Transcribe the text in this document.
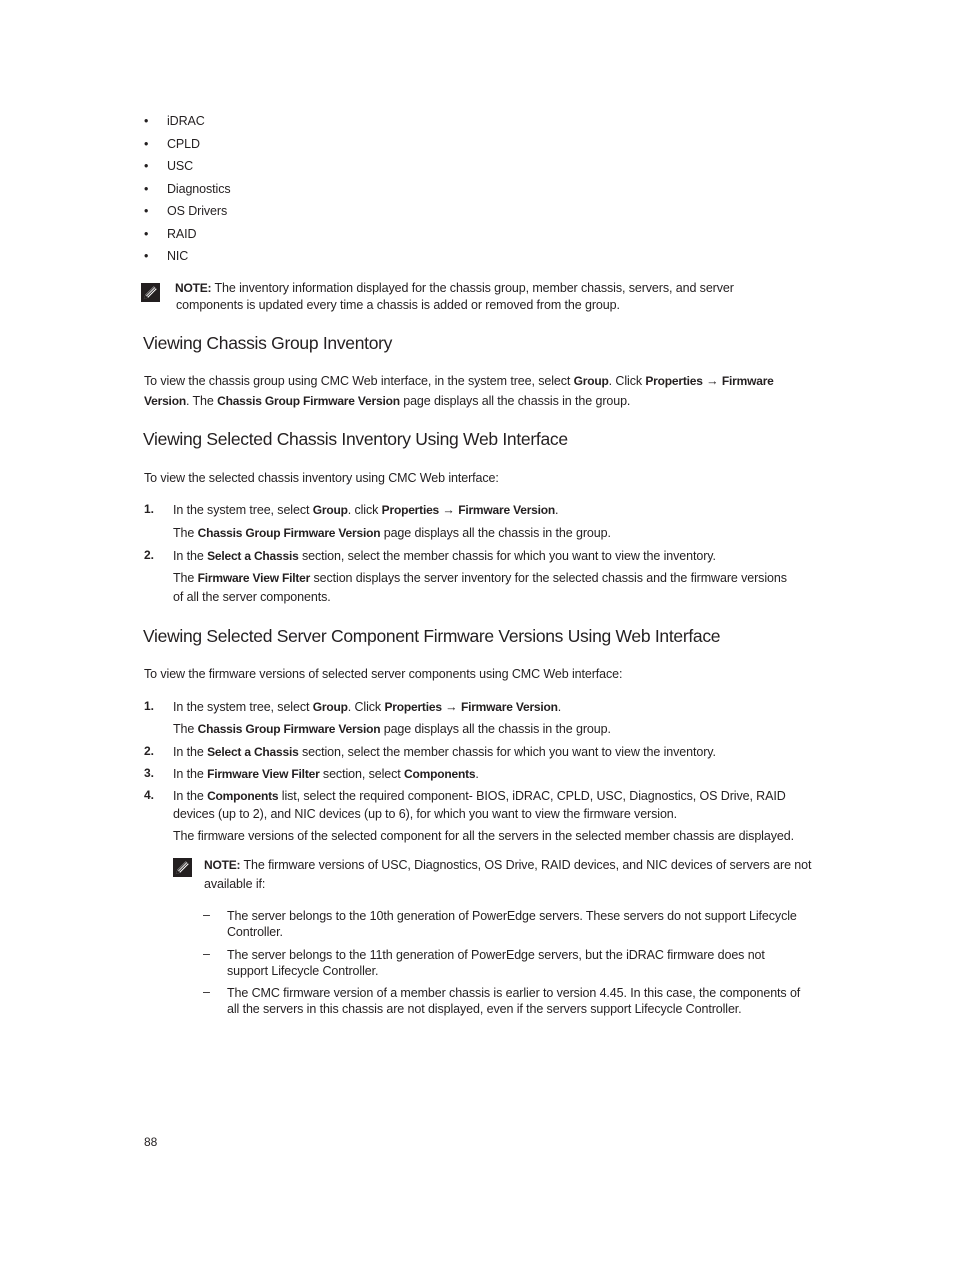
• iDRAC
• CPLD
• USC
• Diagnostics
• OS Drivers
• RAID
• NIC
NOTE: The inventory information displayed for the chassis group, member chassis, servers, and server
components is updated every time a chassis is added or removed from the group.
Viewing Chassis Group Inventory
To view the chassis group using CMC Web interface, in the system tree, select Group. Click Properties → Firmware
Version. The Chassis Group Firmware Version page displays all the chassis in the group.
Viewing Selected Chassis Inventory Using Web Interface
To view the selected chassis inventory using CMC Web interface:
1. In the system tree, select Group. click Properties → Firmware Version.
The Chassis Group Firmware Version page displays all the chassis in the group.
2. In the Select a Chassis section, select the member chassis for which you want to view the inventory.
The Firmware View Filter section displays the server inventory for the selected chassis and the firmware versions
of all the server components.
Viewing Selected Server Component Firmware Versions Using Web Interface
To view the firmware versions of selected server components using CMC Web interface:
1. In the system tree, select Group. Click Properties → Firmware Version.
The Chassis Group Firmware Version page displays all the chassis in the group.
2. In the Select a Chassis section, select the member chassis for which you want to view the inventory.
3. In the Firmware View Filter section, select Components.
4. In the Components list, select the required component- BIOS, iDRAC, CPLD, USC, Diagnostics, OS Drive, RAID
devices (up to 2), and NIC devices (up to 6), for which you want to view the firmware version.
The firmware versions of the selected component for all the servers in the selected member chassis are displayed.
NOTE: The firmware versions of USC, Diagnostics, OS Drive, RAID devices, and NIC devices of servers are not
available if:
– The server belongs to the 10th generation of PowerEdge servers. These servers do not support Lifecycle
Controller.
– The server belongs to the 11th generation of PowerEdge servers, but the iDRAC firmware does not
support Lifecycle Controller.
– The CMC firmware version of a member chassis is earlier to version 4.45. In this case, the components of
all the servers in this chassis are not displayed, even if the servers support Lifecycle Controller.
88
